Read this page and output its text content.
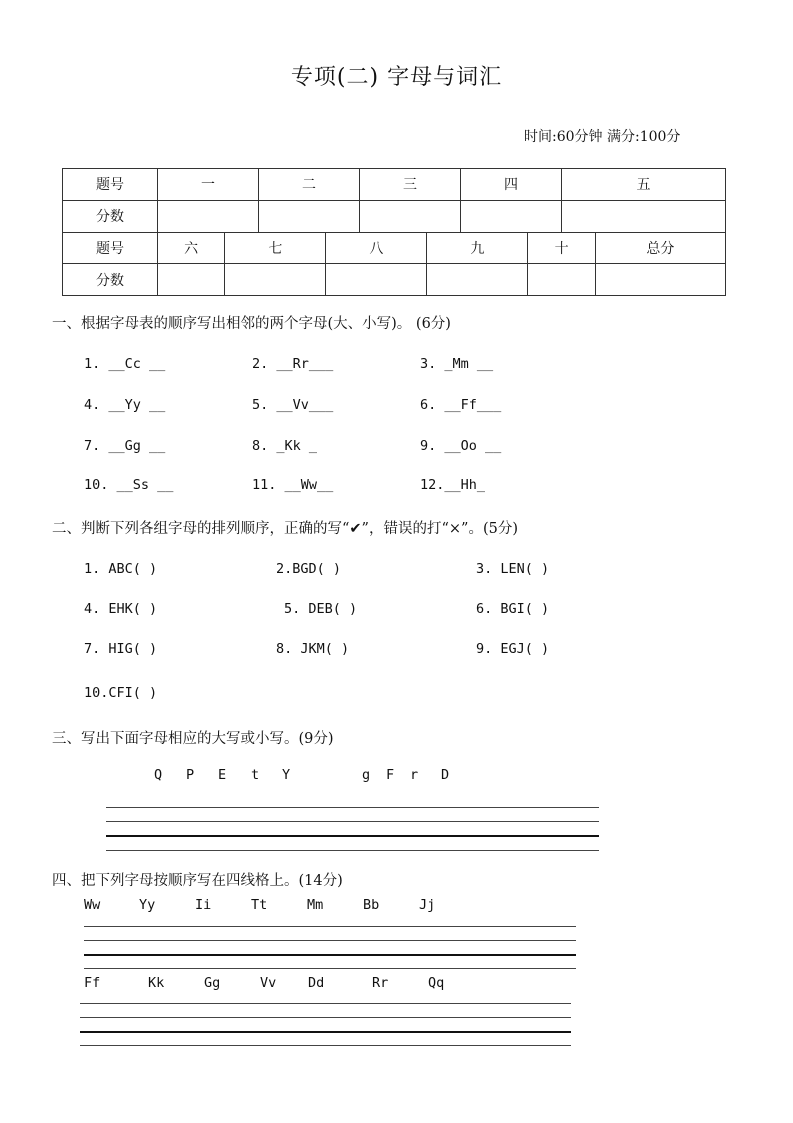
专项(二) 字母与词汇
时间:60分钟 满分:100分
题号	一		二		三		四		五	
分数										
题号	六	七		八		九		十		总分
分数										
一、根据字母表的顺序写出相邻的两个字母(大、小写)。 (6分)
1. __Cc __	2. __Rr___	3. _Mm __
4. __Yy __	5. __Vv___	6. __Ff___
7. __Gg __	8. _Kk _	9. __Oo __
10. __Ss __	11. __Ww__	12.__Hh_
二、判断下列各组字母的排列顺序，正确的写“✔”，错误的打“×”。(5分)
1. ABC( )	2.BGD( )	3. LEN( )
4. EHK( )	5. DEB( )	6. BGI( )
7. HIG( )	8. JKM( )	9. EGJ( )
10.CFI( )
三、写出下面字母相应的大写或小写。(9分)
Q P E t Y	g F r D
四、把下列字母按顺序写在四线格上。(14分)
Ww	Yy	Ii	Tt	Mm	Bb	Jj
Ff	Kk	Gg	Vv Dd	Rr	Qq
